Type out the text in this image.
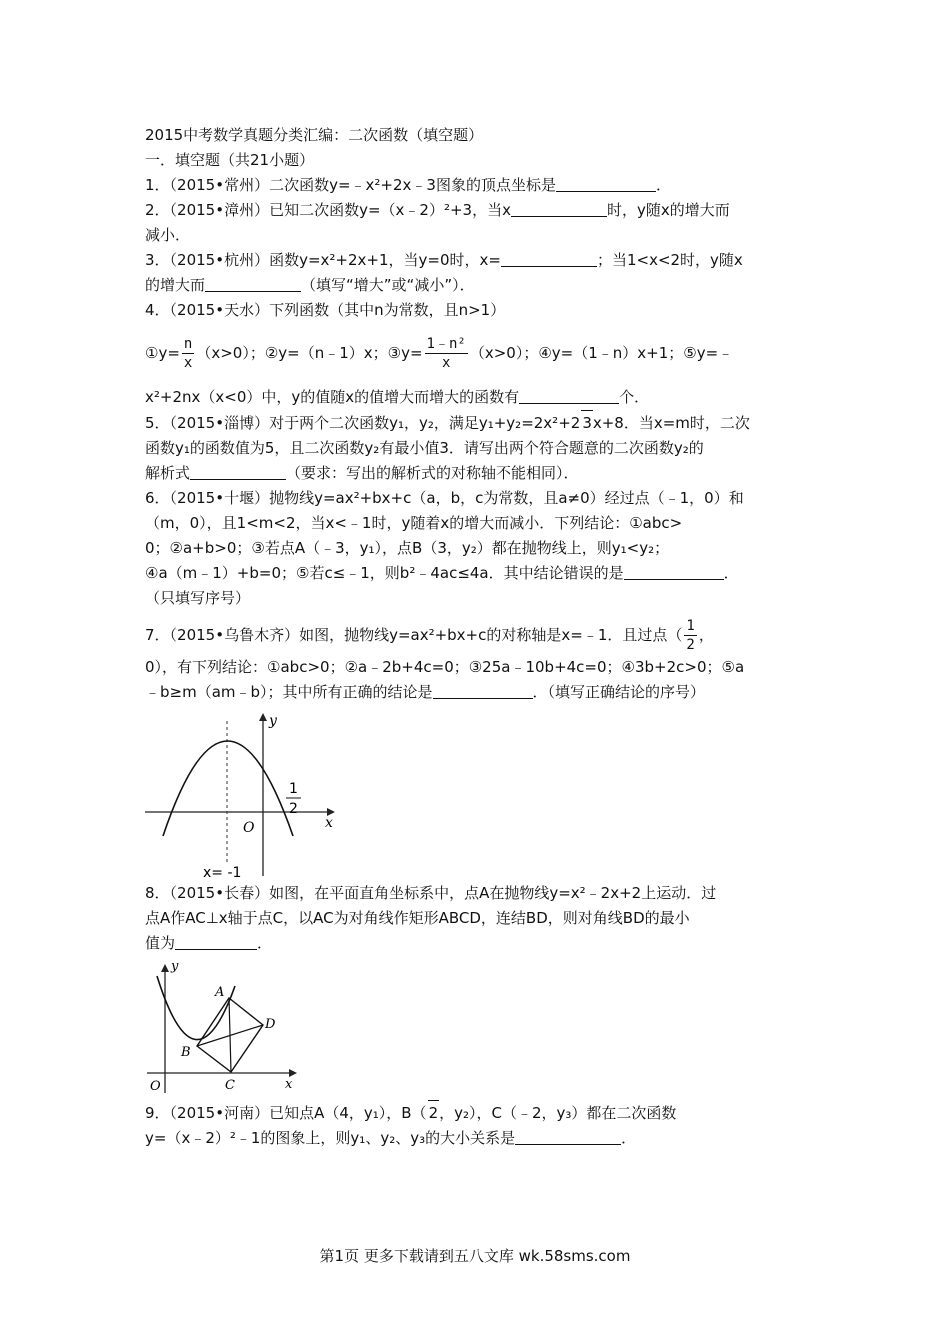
2015中考数学真题分类汇编：二次函数（填空题）
一．填空题（共21小题）
1．（2015•常州）二次函数y=﹣x²+2x﹣3图象的顶点坐标是	．
2．（2015•漳州）已知二次函数y=（x﹣2）²+3，当x	时，y随x的增大而
减小．
3．（2015•杭州）函数y=x²+2x+1，当y=0时，x=	；当1<x<2时，y随x
的增大而	（填写“增大”或“减小”）．
4．（2015•天水）下列函数（其中n为常数，且n>1）
①y= $\frac{n}{x} (x>0)$；②y=（n﹣1）x；③y= $\frac{\text{1﹣n²}}{x} (x>0)$；④y=（1﹣n）x+1；⑤y=﹣
x²+2nx（x<0）中，y的值随x的值增大而增大的函数有	个．
5．（2015•淄博）对于两个二次函数y₁，y₂，满足y₁+y₂=2x²+2 3x+8．当x=m时，二次
函数y₁的函数值为5，且二次函数y₂有最小值3．请写出两个符合题意的二次函数y₂的
解析式	（要求：写出的解析式的对称轴不能相同）．
6．（2015•十堰）抛物线y=ax²+bx+c（a，b，c为常数，且a≠0）经过点（﹣1，0）和
（m，0），且1<m<2，当x<﹣1时，y随着x的增大而减小．下列结论：①abc>
0；②a+b>0；③若点A（﹣3，y₁），点B（3，y₂）都在抛物线上，则y₁<y₂；
④a（m﹣1）+b=0；⑤若c≤﹣1，则b²﹣4ac≤4a．其中结论错误的是	．
（只填写序号）
7．（2015•乌鲁木齐）如图，抛物线y=ax²+bx+c的对称轴是x=﹣1．且过点（ $\frac{1}{2}$ ，
0），有下列结论：①abc>0；②a﹣2b+4c=0；③25a﹣10b+4c=0；④3b+2c>0；⑤a
﹣b≥m（am﹣b）；其中所有正确的结论是	．（填写正确结论的序号）
y
x
O
1
2
x= -1
8．（2015•长春）如图，在平面直角坐标系中，点A在抛物线y=x²﹣2x+2上运动．过
点A作AC⊥x轴于点C，以AC为对角线作矩形ABCD，连结BD，则对角线BD的最小
值为	．
y
x
O
A
B
C
D
9．（2015•河南）已知点A（4，y₁），B（ 2，y₂），C（﹣2，y₃）都在二次函数
y=（x﹣2）²﹣1的图象上，则y₁、y₂、y₃的大小关系是	．
第1页 更多下载请到五八文库 wk.58sms.com
